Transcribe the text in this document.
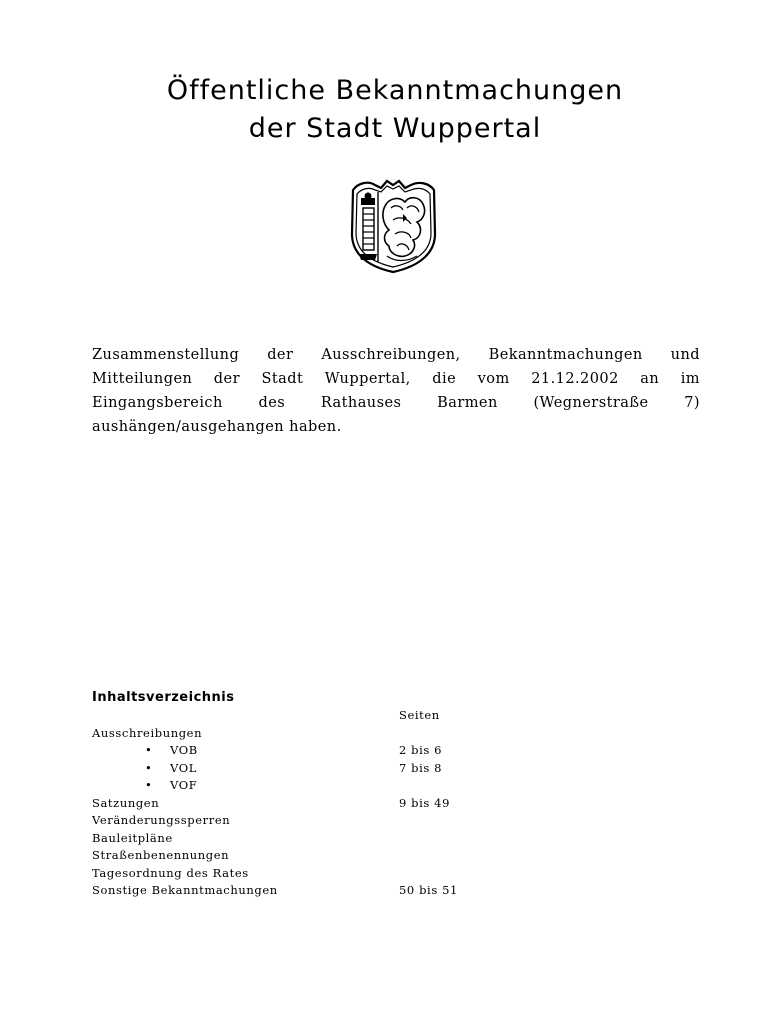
Öffentliche Bekanntmachungen
der Stadt Wuppertal
Zusammenstellung der Ausschreibungen, Bekanntmachungen und Mitteilungen der Stadt Wuppertal, die vom 21.12.2002 an im Eingangsbereich des Rathauses Barmen (Wegnerstraße 7) aushängen/ausgehangen haben.
Inhaltsverzeichnis
Seiten
Ausschreibungen
• VOB	2 bis 6
• VOL	7 bis 8
• VOF
Satzungen	9 bis 49
Veränderungssperren
Bauleitpläne
Straßenbenennungen
Tagesordnung des Rates
Sonstige Bekanntmachungen	50 bis 51
